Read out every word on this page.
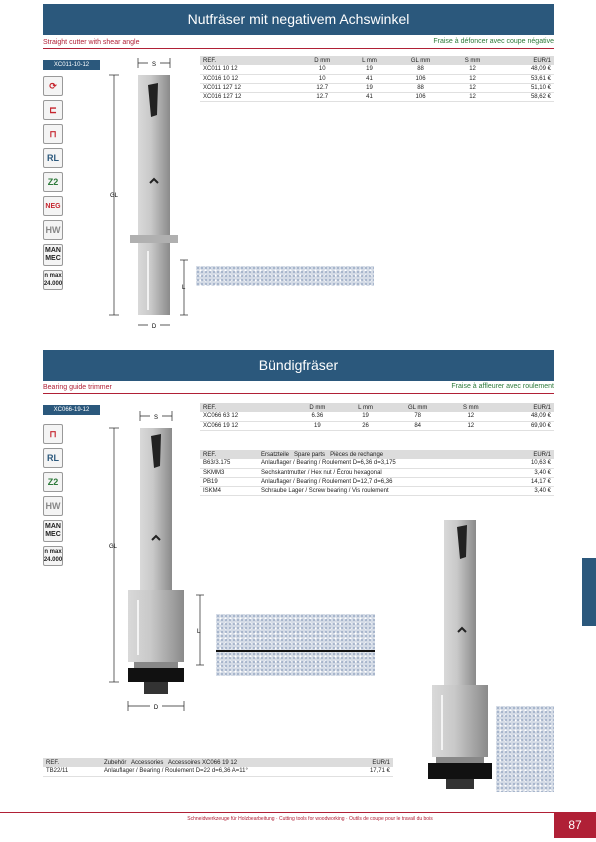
Nutfräser mit negativem Achswinkel
Straight cutter with shear angle	Fraise à défoncer avec coupe négative
XC011-10-12
⟳
⊏
⊓
RL
Z2
NEG
HW
MAN
MEC
n max
24.000
S
GL
L
D
REF.	D mm	L mm	GL mm	S mm	EUR/1
XC011 10 12	10	19	88	12	48,09 €
XC016 10 12	10	41	106	12	53,61 €
XC011 127 12	12.7	19	88	12	51,10 €
XC016 127 12	12.7	41	106	12	58,62 €
Bündigfräser
Bearing guide trimmer	Fraise à affleurer avec roulement
XC066-19-12
⊓
RL
Z2
HW
MAN
MEC
n max
24.000
S
GL
L
D
REF.	D mm	L mm	GL mm	S mm	EUR/1
XC066 63 12	6.36	19	78	12	48,09 €
XC066 19 12	19	26	84	12	69,90 €
REF.	Ersatzteile Spare parts Pièces de rechange	EUR/1
B63/3.175	Anlauflager / Bearing / Roulement D=6,36 d=3,175	10,63 €
SKMM3	Sechskantmutter / Hex nut / Écrou hexagonal	3,40 €
PB19	Anlauflager / Bearing / Roulement D=12,7 d=6,36	14,17 €
ISKM4	Schraube Lager / Screw bearing / Vis roulement	3,40 €
REF.	Zubehör Accessories Accessoires XC066 19 12	EUR/1
TB22/11	Anlauflager / Bearing / Roulement D=22 d=6,36 A=11°	17,71 €
Schneidwerkzeuge für Holzbearbeitung · Cutting tools for woodworking · Outils de coupe pour le travail du bois	87
